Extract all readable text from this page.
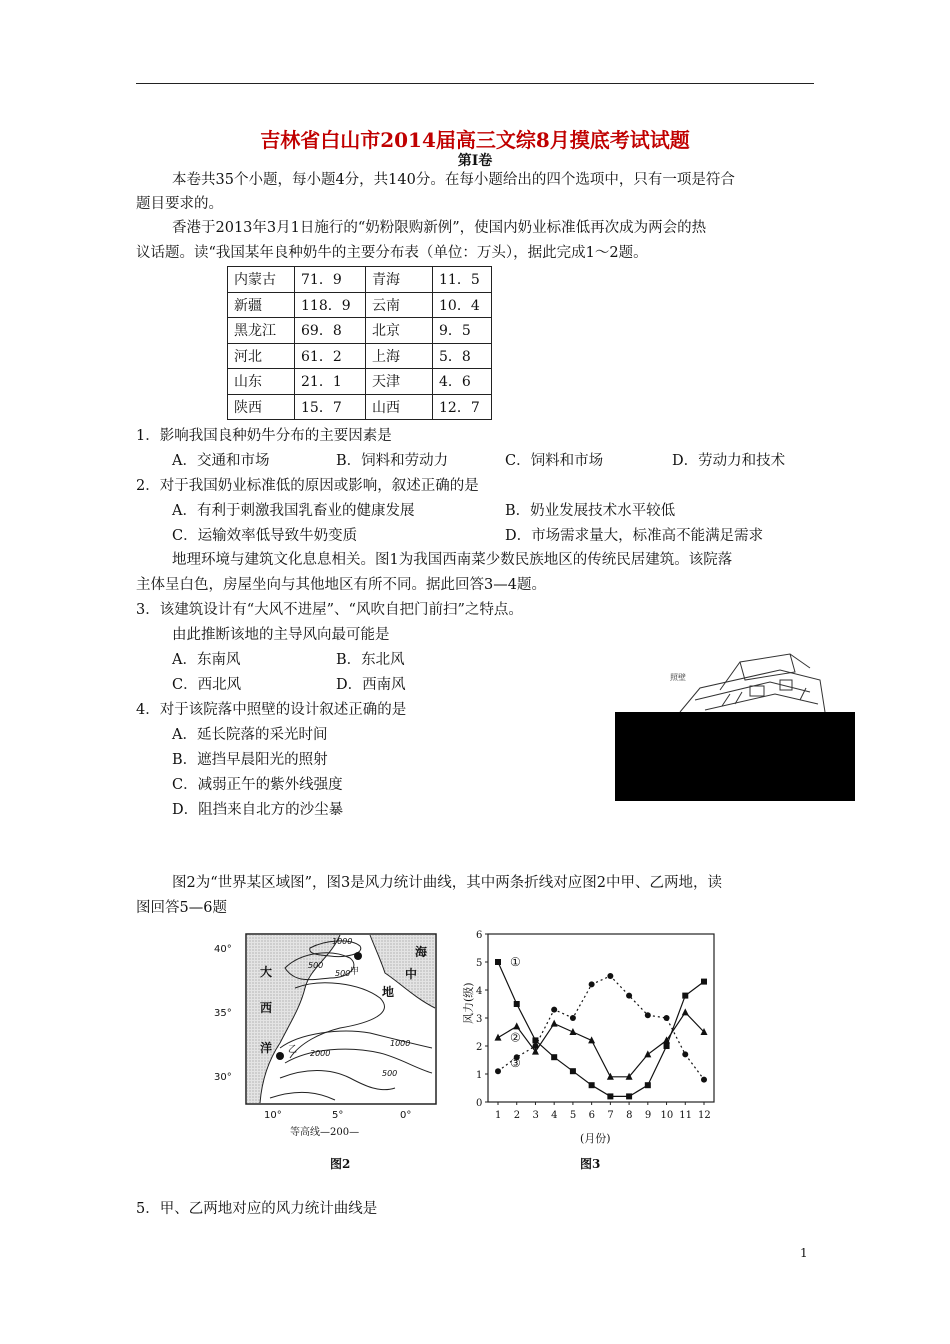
吉林省白山市2014届高三文综8月摸底考试试题
第Ⅰ卷
本卷共35个小题，每小题4分，共140分。在每小题给出的四个选项中，只有一项是符合
题目要求的。
香港于2013年3月1日施行的“奶粉限购新例”，使国内奶业标准低再次成为两会的热
议话题。读“我国某年良种奶牛的主要分布表（单位：万头），据此完成1～2题。
内蒙古	71．9	青海	11．5
新疆	118．9	云南	10．4
黑龙江	69．8	北京	9．5
河北	61．2	上海	5．8
山东	21．1	天津	4．6
陕西	15．7	山西	12．7
1．影响我国良种奶牛分布的主要因素是
A．交通和市场	B．饲料和劳动力	C．饲料和市场	D．劳动力和技术
2．对于我国奶业标准低的原因或影响，叙述正确的是
A．有利于刺激我国乳畜业的健康发展	B．奶业发展技术水平较低
C．运输效率低导致牛奶变质	D．市场需求量大，标准高不能满足需求
地理环境与建筑文化息息相关。图1为我国西南菜少数民族地区的传统民居建筑。该院落
主体呈白色，房屋坐向与其他地区有所不同。据此回答3—4题。
3．该建筑设计有“大风不进屋”、“风吹自把门前扫”之特点。
由此推断该地的主导风向最可能是
A．东南风	B．东北风
C．西北风	D．西南风
4．对于该院落中照壁的设计叙述正确的是
A．延长院落的采光时间
B．遮挡早晨阳光的照射
C．减弱正午的紫外线强度
D．阻挡来自北方的沙尘暴
照壁
图2为“世界某区域图”，图3是风力统计曲线，其中两条折线对应图2中甲、乙两地，读
图回答5—6题
40°
35°
30°
10°	5°	0°
大
西
洋
海
中
地
甲
乙
1000
500
500
2000
1000
500
等高线—200—
图2
0
1
2
3
4
5
6
1 2 3 4 5 6 7 8 9 10 11 12
①
②
③
风力(级)
(月份)
图3
5．甲、乙两地对应的风力统计曲线是
1
